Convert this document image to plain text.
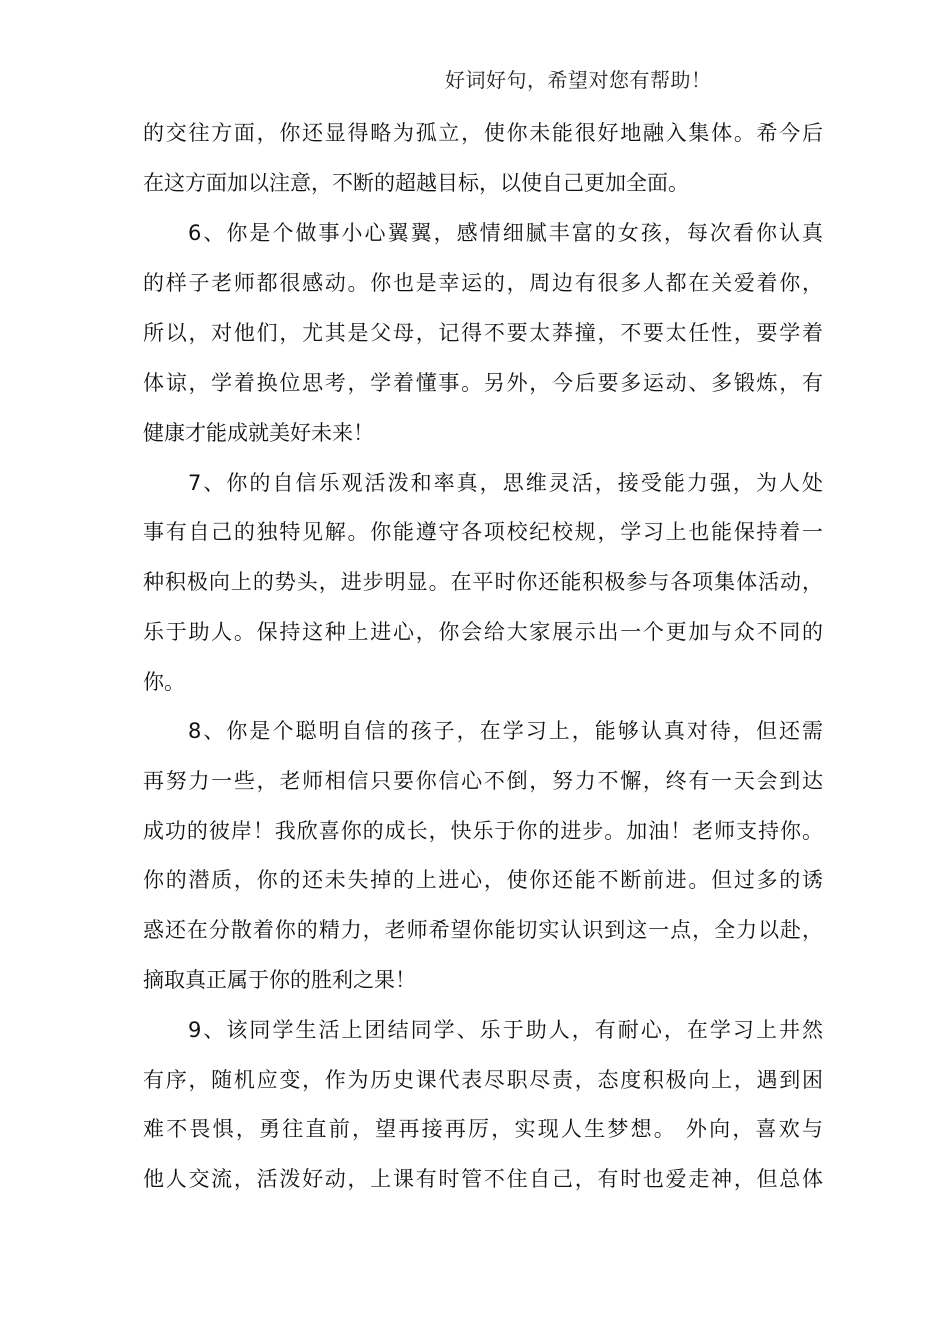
好词好句，希望对您有帮助！
的交往方面，你还显得略为孤立，使你未能很好地融入集体。希今后
在这方面加以注意，不断的超越目标，以使自己更加全面。
6、你是个做事小心翼翼，感情细腻丰富的女孩，每次看你认真
的样子老师都很感动。你也是幸运的，周边有很多人都在关爱着你，
所以，对他们，尤其是父母，记得不要太莽撞，不要太任性，要学着
体谅，学着换位思考，学着懂事。另外，今后要多运动、多锻炼，有
健康才能成就美好未来！
7、你的自信乐观活泼和率真，思维灵活，接受能力强，为人处
事有自己的独特见解。你能遵守各项校纪校规，学习上也能保持着一
种积极向上的势头，进步明显。在平时你还能积极参与各项集体活动，
乐于助人。保持这种上进心，你会给大家展示出一个更加与众不同的
你。
8、你是个聪明自信的孩子，在学习上，能够认真对待，但还需
再努力一些，老师相信只要你信心不倒，努力不懈，终有一天会到达
成功的彼岸！我欣喜你的成长，快乐于你的进步。加油！老师支持你。
你的潜质，你的还未失掉的上进心，使你还能不断前进。但过多的诱
惑还在分散着你的精力，老师希望你能切实认识到这一点，全力以赴，
摘取真正属于你的胜利之果！
9、该同学生活上团结同学、乐于助人，有耐心，在学习上井然
有序，随机应变，作为历史课代表尽职尽责，态度积极向上，遇到困
难不畏惧，勇往直前，望再接再厉，实现人生梦想。 外向，喜欢与
他人交流，活泼好动，上课有时管不住自己，有时也爱走神，但总体
